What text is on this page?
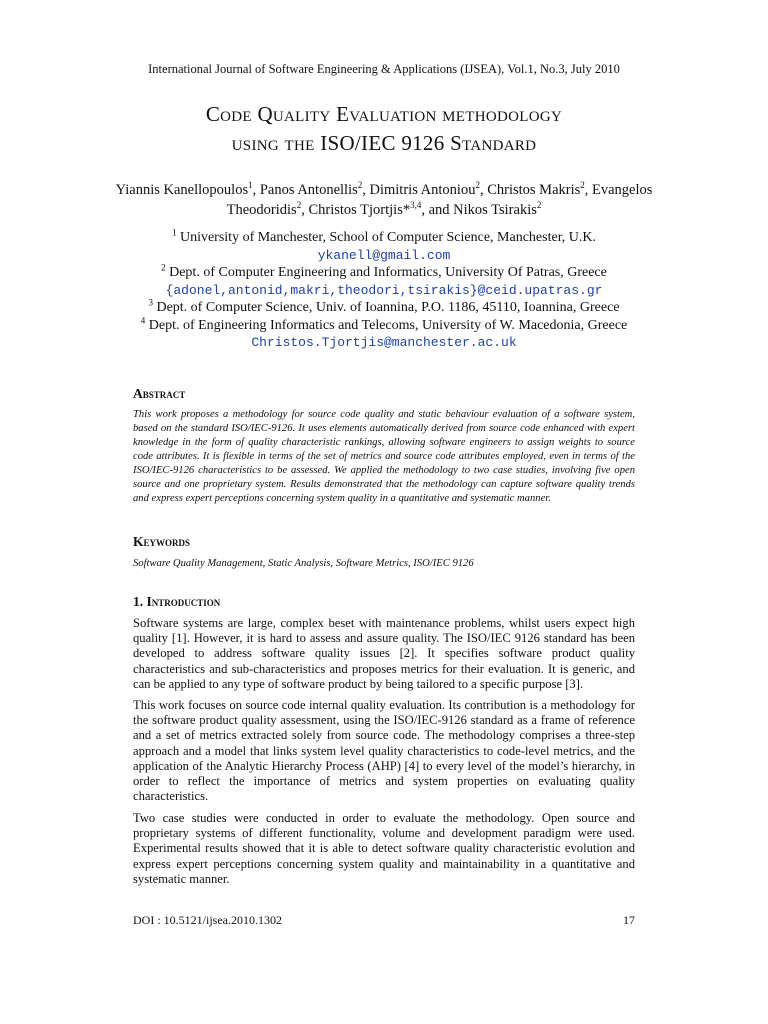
International Journal of Software Engineering & Applications (IJSEA), Vol.1, No.3, July 2010
Code Quality Evaluation methodology
using the ISO/IEC 9126 Standard
Yiannis Kanellopoulos$^1$, Panos Antonellis$^2$, Dimitris Antoniou$^2$, Christos Makris$^2$, Evangelos Theodoridis$^2$, Christos Tjortjis*$^{3,4}$, and Nikos Tsirakis$^2$
$^1$ University of Manchester, School of Computer Science, Manchester, U.K.
ykanell@gmail.com
$^2$ Dept. of Computer Engineering and Informatics, University Of Patras, Greece
{adonel,antonid,makri,theodori,tsirakis}@ceid.upatras.gr
$^3$ Dept. of Computer Science, Univ. of Ioannina, P.O. 1186, 45110, Ioannina, Greece
$^4$ Dept. of Engineering Informatics and Telecoms, University of W. Macedonia, Greece
Christos.Tjortjis@manchester.ac.uk
Abstract
This work proposes a methodology for source code quality and static behaviour evaluation of a software system, based on the standard ISO/IEC-9126. It uses elements automatically derived from source code enhanced with expert knowledge in the form of quality characteristic rankings, allowing software engineers to assign weights to source code attributes. It is flexible in terms of the set of metrics and source code attributes employed, even in terms of the ISO/IEC-9126 characteristics to be assessed. We applied the methodology to two case studies, involving five open source and one proprietary system. Results demonstrated that the methodology can capture software quality trends and express expert perceptions concerning system quality in a quantitative and systematic manner.
Keywords
Software Quality Management, Static Analysis, Software Metrics, ISO/IEC 9126
1. Introduction
Software systems are large, complex beset with maintenance problems, whilst users expect high quality [1]. However, it is hard to assess and assure quality. The ISO/IEC 9126 standard has been developed to address software quality issues [2]. It specifies software product quality characteristics and sub-characteristics and proposes metrics for their evaluation. It is generic, and can be applied to any type of software product by being tailored to a specific purpose [3].
This work focuses on source code internal quality evaluation. Its contribution is a methodology for the software product quality assessment, using the ISO/IEC-9126 standard as a frame of reference and a set of metrics extracted solely from source code. The methodology comprises a three-step approach and a model that links system level quality characteristics to code-level metrics, and the application of the Analytic Hierarchy Process (AHP) [4] to every level of the model’s hierarchy, in order to reflect the importance of metrics and system properties on evaluating quality characteristics.
Two case studies were conducted in order to evaluate the methodology. Open source and proprietary systems of different functionality, volume and development paradigm were used. Experimental results showed that it is able to detect software quality characteristic evolution and express expert perceptions concerning system quality and maintainability in a quantitative and systematic manner.
DOI : 10.5121/ijsea.2010.1302	17
